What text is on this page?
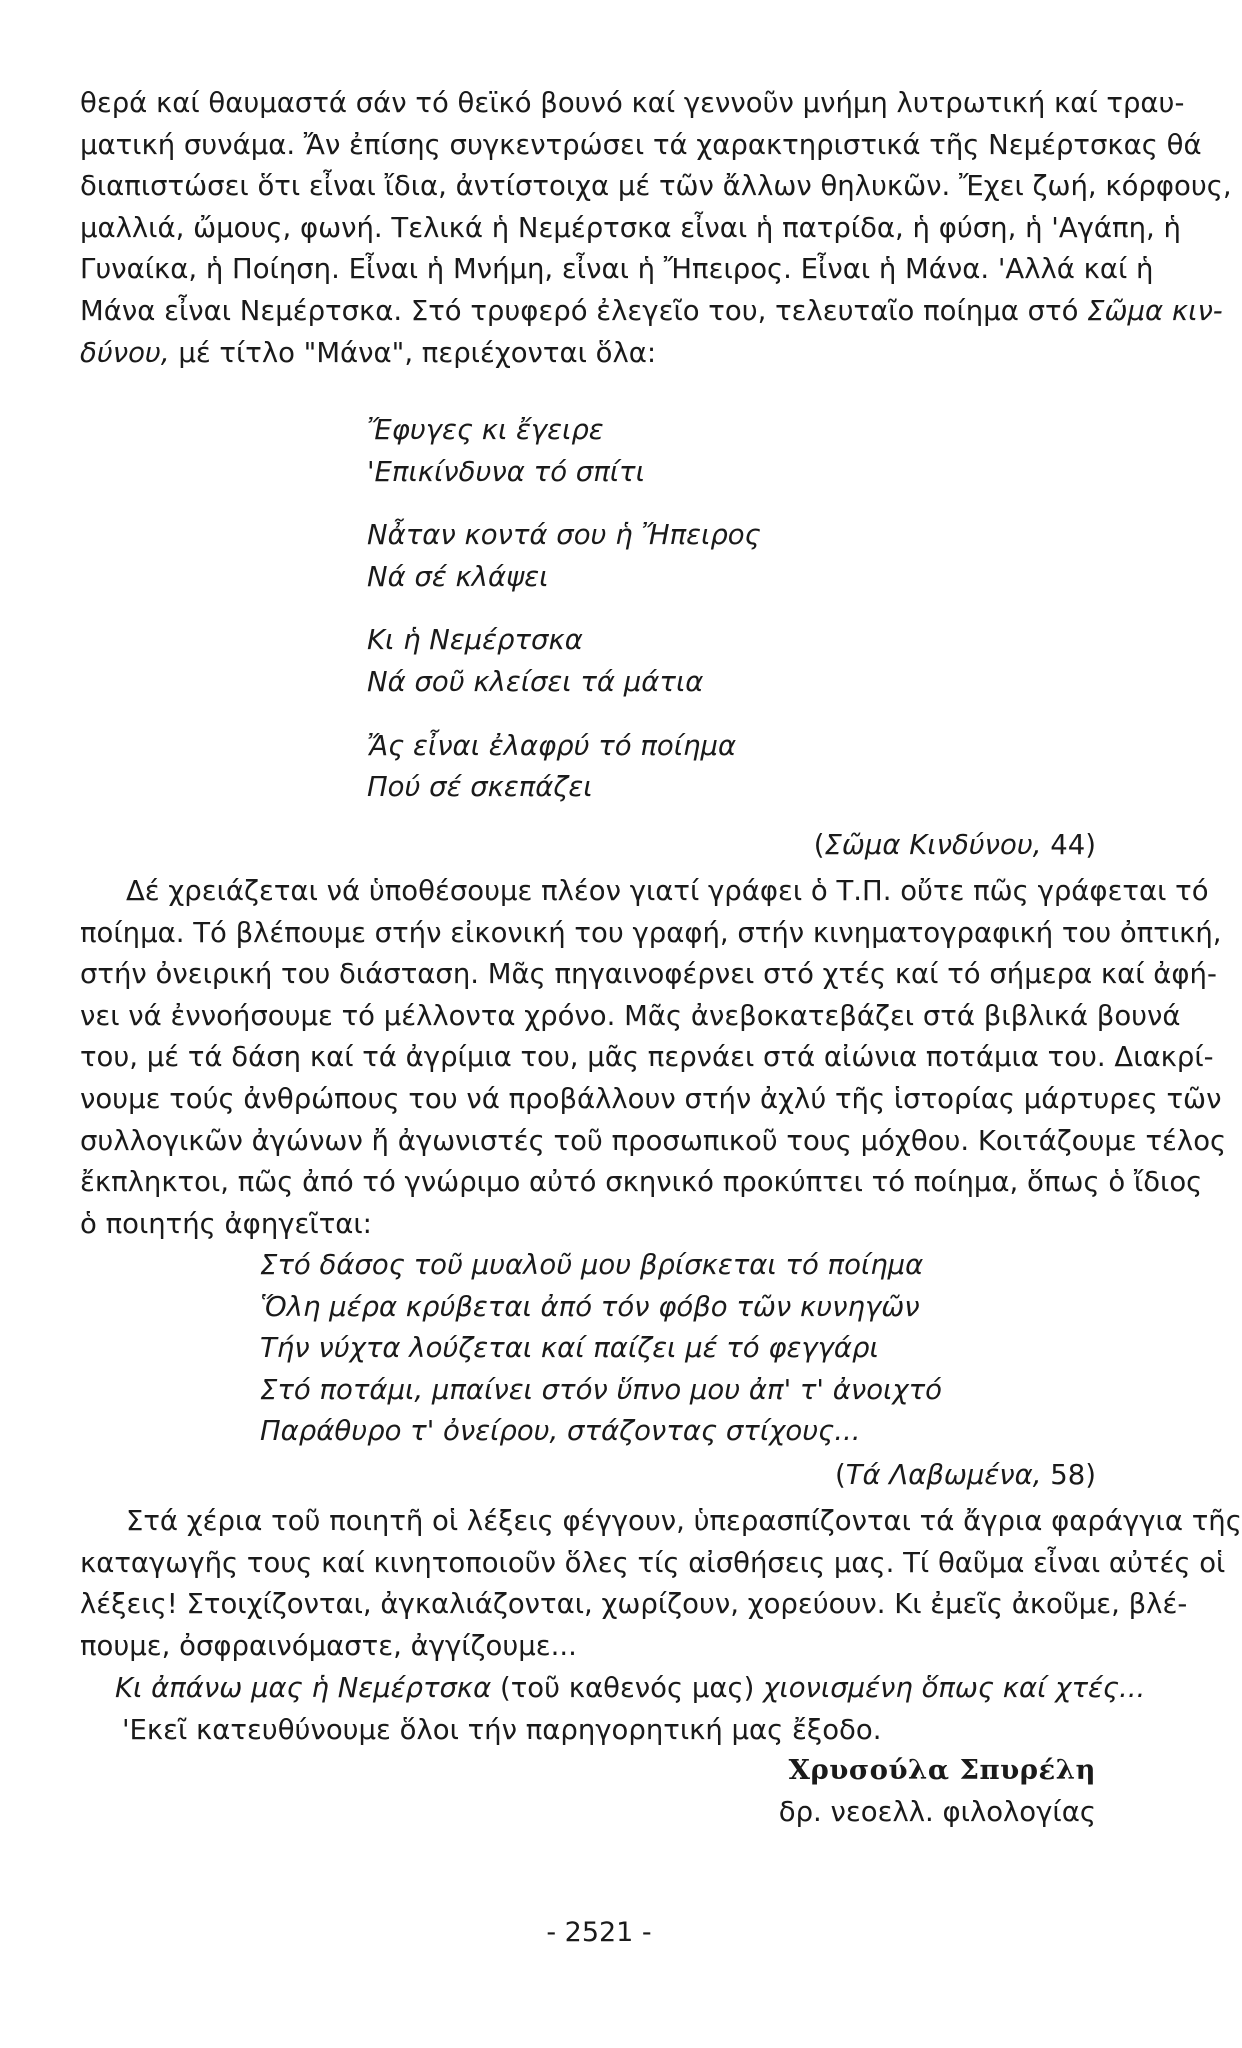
θερά καί θαυμαστά σάν τό θεϊκό βουνό καί γεννοῦν μνήμη λυτρωτική καί τραυ-
ματική συνάμα. Ἄν ἐπίσης συγκεντρώσει τά χαρακτηριστικά τῆς Νεμέρτσκας θά
διαπιστώσει ὅτι εἶναι ἴδια, ἀντίστοιχα μέ τῶν ἄλλων θηλυκῶν. Ἔχει ζωή, κόρφους,
μαλλιά, ὤμους, φωνή. Τελικά ἡ Νεμέρτσκα εἶναι ἡ πατρίδα, ἡ φύση, ἡ 'Αγάπη, ἡ
Γυναίκα, ἡ Ποίηση. Εἶναι ἡ Μνήμη, εἶναι ἡ Ἤπειρος. Εἶναι ἡ Μάνα. 'Αλλά καί ἡ
Μάνα εἶναι Νεμέρτσκα. Στό τρυφερό ἐλεγεῖο του, τελευταῖο ποίημα στό Σῶμα κιν-
δύνου, μέ τίτλο "Μάνα", περιέχονται ὅλα:
Ἔφυγες κι ἔγειρε
'Επικίνδυνα τό σπίτι
Νἆταν κοντά σου ἡ Ἤπειρος
Νά σέ κλάψει
Κι ἡ Νεμέρτσκα
Νά σοῦ κλείσει τά μάτια
Ἄς εἶναι ἐλαφρύ τό ποίημα
Πού σέ σκεπάζει
(Σῶμα Κινδύνου, 44)
Δέ χρειάζεται νά ὑποθέσουμε πλέον γιατί γράφει ὁ Τ.Π. οὔτε πῶς γράφεται τό
ποίημα. Τό βλέπουμε στήν εἰκονική του γραφή, στήν κινηματογραφική του ὀπτική,
στήν ὀνειρική του διάσταση. Μᾶς πηγαινοφέρνει στό χτές καί τό σήμερα καί ἀφή-
νει νά ἐννοήσουμε τό μέλλοντα χρόνο. Μᾶς ἀνεβοκατεβάζει στά βιβλικά βουνά
του, μέ τά δάση καί τά ἀγρίμια του, μᾶς περνάει στά αἰώνια ποτάμια του. Διακρί-
νουμε τούς ἀνθρώπους του νά προβάλλουν στήν ἀχλύ τῆς ἱστορίας μάρτυρες τῶν
συλλογικῶν ἀγώνων ἤ ἀγωνιστές τοῦ προσωπικοῦ τους μόχθου. Κοιτάζουμε τέλος
ἔκπληκτοι, πῶς ἀπό τό γνώριμο αὐτό σκηνικό προκύπτει τό ποίημα, ὅπως ὁ ἴδιος
ὁ ποιητής ἀφηγεῖται:
Στό δάσος τοῦ μυαλοῦ μου βρίσκεται τό ποίημα
Ὅλη μέρα κρύβεται ἀπό τόν φόβο τῶν κυνηγῶν
Τήν νύχτα λούζεται καί παίζει μέ τό φεγγάρι
Στό ποτάμι, μπαίνει στόν ὕπνο μου ἀπ' τ' ἀνοιχτό
Παράθυρο τ' ὀνείρου, στάζοντας στίχους...
(Τά Λαβωμένα, 58)
Στά χέρια τοῦ ποιητῆ οἱ λέξεις φέγγουν, ὑπερασπίζονται τά ἄγρια φαράγγια τῆς
καταγωγῆς τους καί κινητοποιοῦν ὅλες τίς αἰσθήσεις μας. Τί θαῦμα εἶναι αὐτές οἱ
λέξεις! Στοιχίζονται, ἀγκαλιάζονται, χωρίζουν, χορεύουν. Κι ἐμεῖς ἀκοῦμε, βλέ-
πουμε, ὀσφραινόμαστε, ἀγγίζουμε...
Κι ἀπάνω μας ἡ Νεμέρτσκα (τοῦ καθενός μας) χιονισμένη ὅπως καί χτές...
'Εκεῖ κατευθύνουμε ὅλοι τήν παρηγορητική μας ἔξοδο.
Χρυσούλα Σπυρέλη
δρ. νεοελλ. φιλολογίας
- 2521 -
